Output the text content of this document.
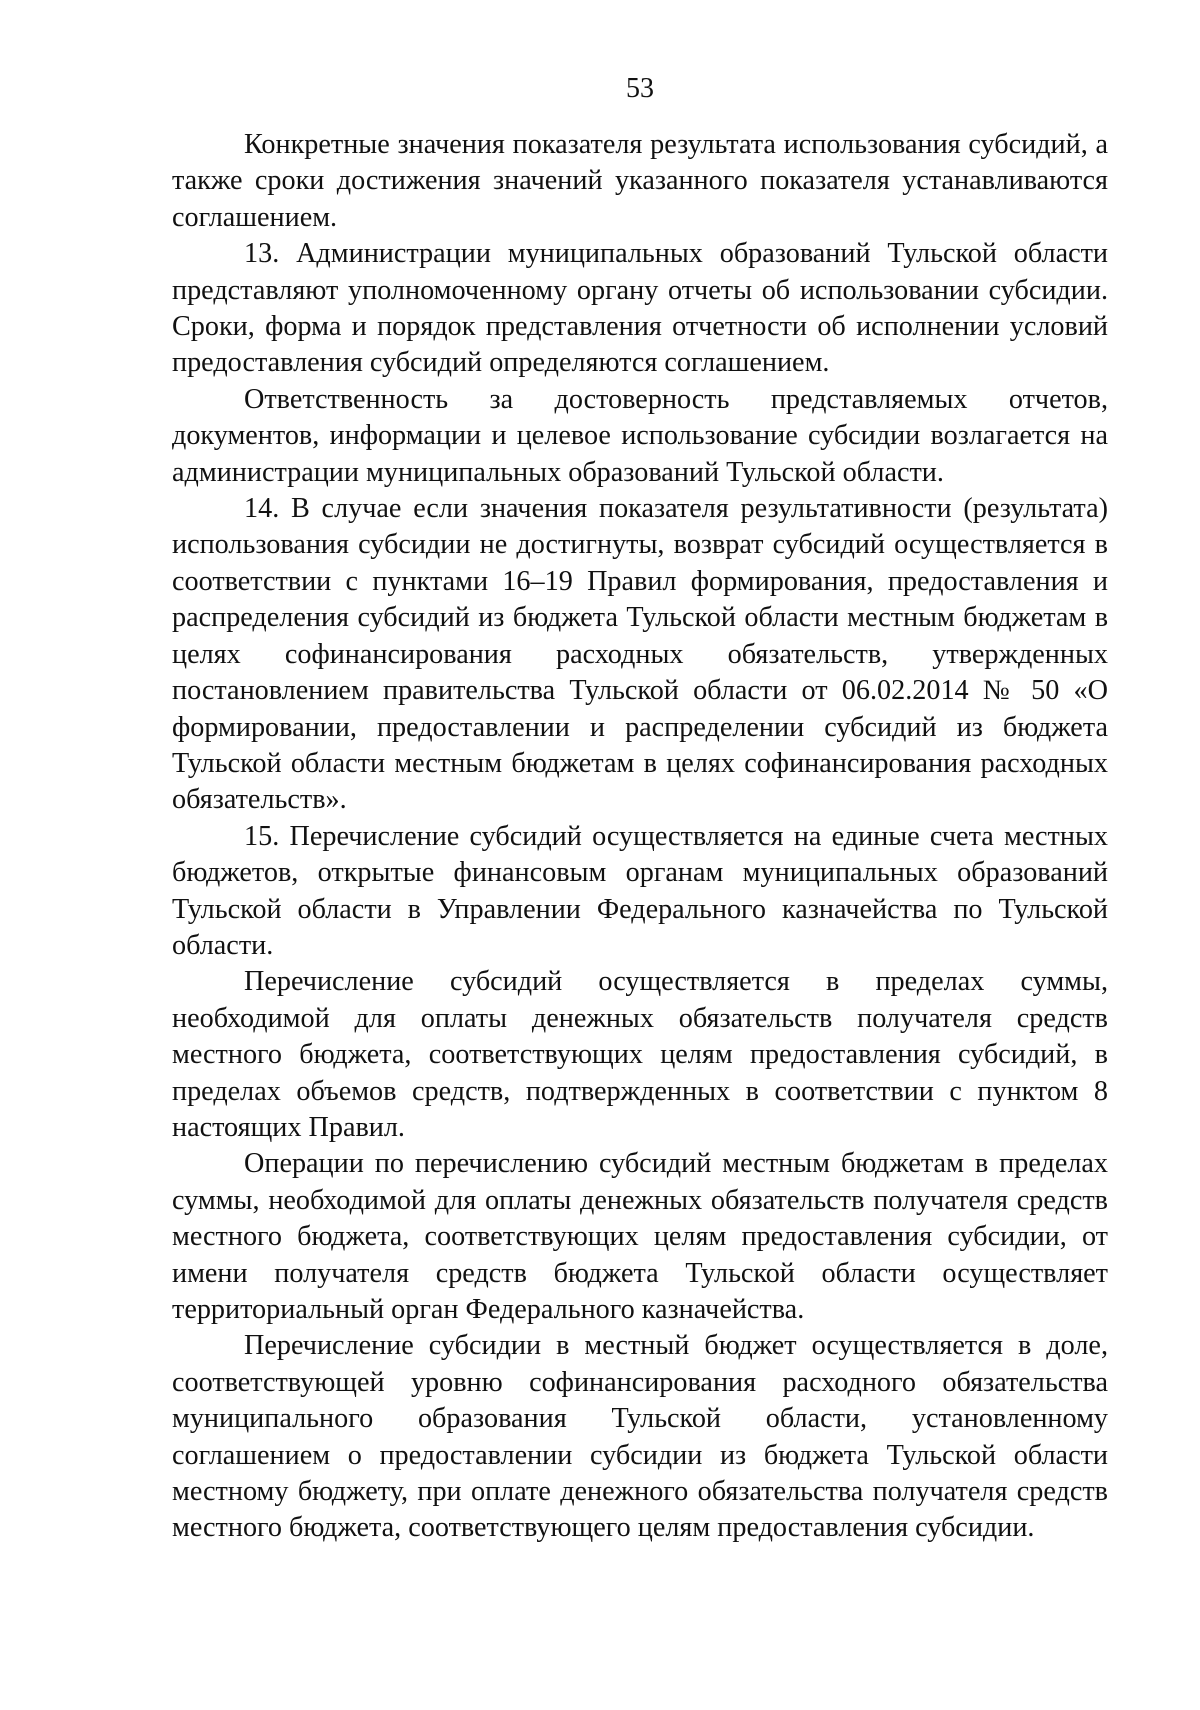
53

Конкретные значения показателя результата использования субсидий, а также сроки достижения значений указанного показателя устанавливаются соглашением.

13. Администрации муниципальных образований Тульской области представляют уполномоченному органу отчеты об использовании субсидии. Сроки, форма и порядок представления отчетности об исполнении условий предоставления субсидий определяются соглашением.

Ответственность за достоверность представляемых отчетов, документов, информации и целевое использование субсидии возлагается на администрации муниципальных образований Тульской области.

14. В случае если значения показателя результативности (результата) использования субсидии не достигнуты, возврат субсидий осуществляется в соответствии с пунктами 16–19 Правил формирования, предоставления и распределения субсидий из бюджета Тульской области местным бюджетам в целях софинансирования расходных обязательств, утвержденных постановлением правительства Тульской области от 06.02.2014 № 50 «О формировании, предоставлении и распределении субсидий из бюджета Тульской области местным бюджетам в целях софинансирования расходных обязательств».

15. Перечисление субсидий осуществляется на единые счета местных бюджетов, открытые финансовым органам муниципальных образований Тульской области в Управлении Федерального казначейства по Тульской области.

Перечисление субсидий осуществляется в пределах суммы, необходимой для оплаты денежных обязательств получателя средств местного бюджета, соответствующих целям предоставления субсидий, в пределах объемов средств, подтвержденных в соответствии с пунктом 8 настоящих Правил.

Операции по перечислению субсидий местным бюджетам в пределах суммы, необходимой для оплаты денежных обязательств получателя средств местного бюджета, соответствующих целям предоставления субсидии, от имени получателя средств бюджета Тульской области осуществляет территориальный орган Федерального казначейства.

Перечисление субсидии в местный бюджет осуществляется в доле, соответствующей уровню софинансирования расходного обязательства муниципального образования Тульской области, установленному соглашением о предоставлении субсидии из бюджета Тульской области местному бюджету, при оплате денежного обязательства получателя средств местного бюджета, соответствующего целям предоставления субсидии.
